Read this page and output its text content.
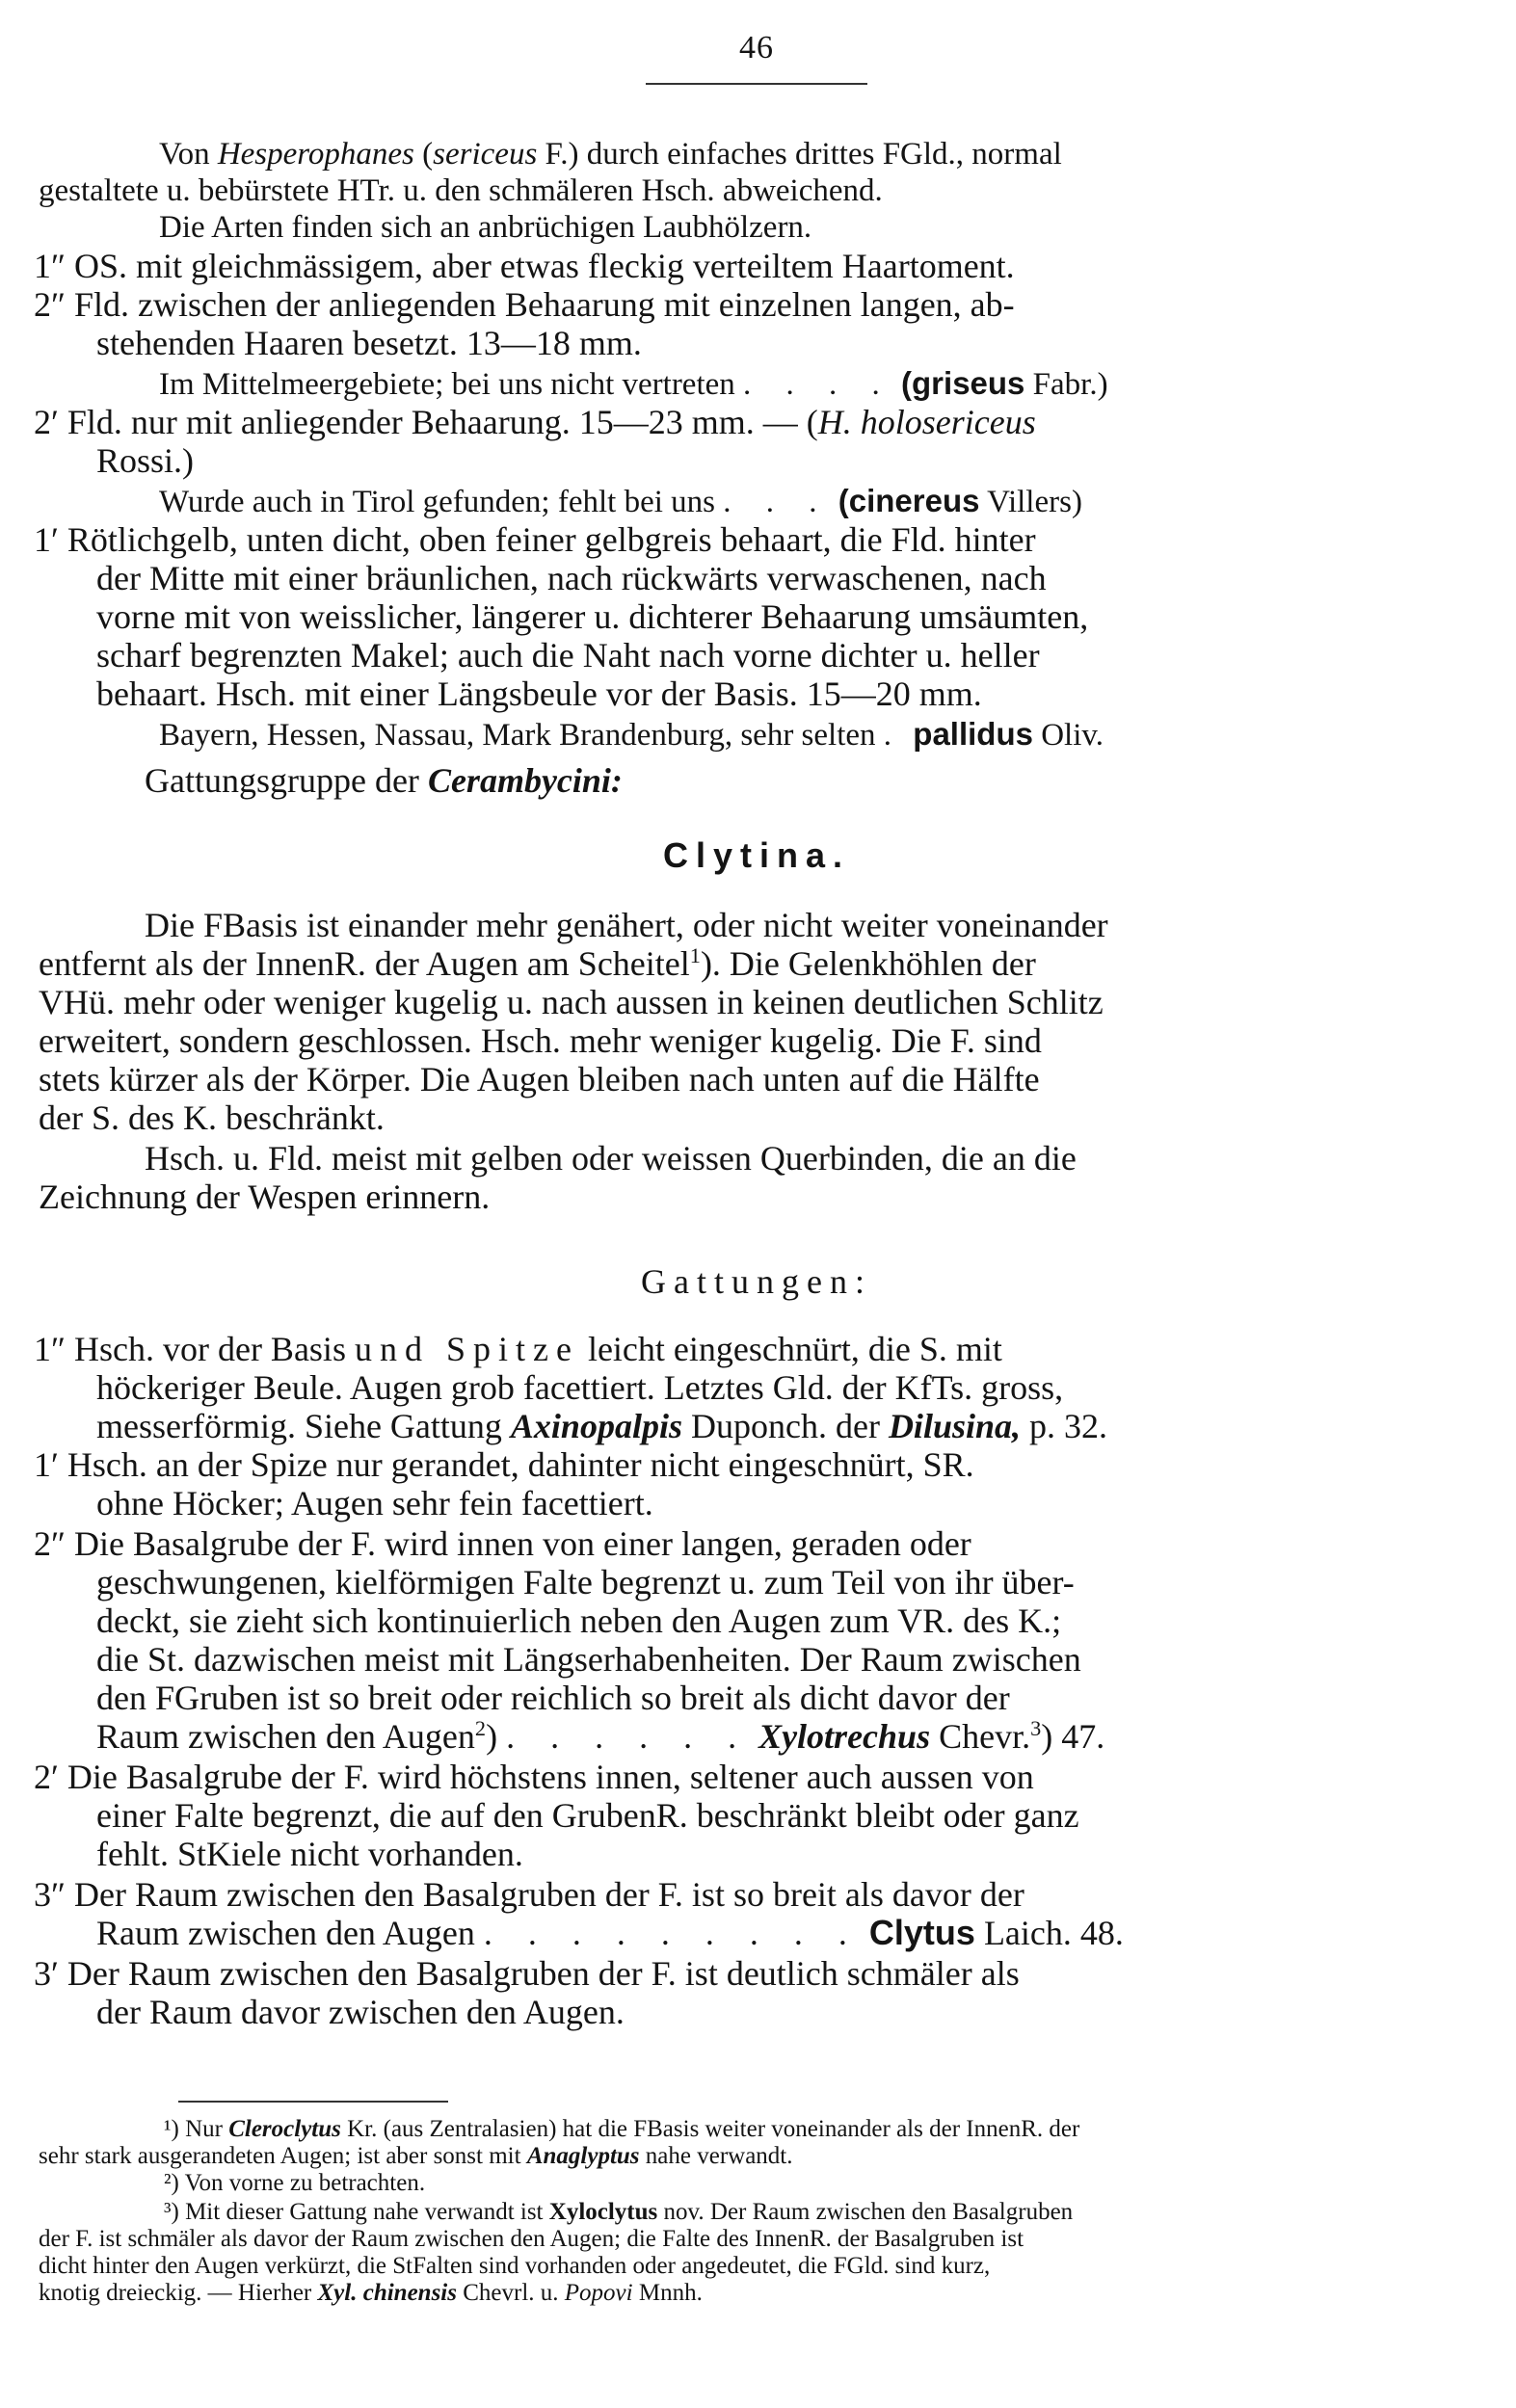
46
Von Hesperophanes (sericeus F.) durch einfaches drittes FGld., normal
gestaltete u. bebürstete HTr. u. den schmäleren Hsch. abweichend.
Die Arten finden sich an anbrüchigen Laubhölzern.
1″ OS. mit gleichmässigem, aber etwas fleckig verteiltem Haartoment.
2″ Fld. zwischen der anliegenden Behaarung mit einzelnen langen, ab-
stehenden Haaren besetzt. 13—18 mm.
Im Mittelmeergebiete; bei uns nicht vertreten . . . . (griseus Fabr.)
2′ Fld. nur mit anliegender Behaarung. 15—23 mm. — (H. holosericeus
Rossi.)
Wurde auch in Tirol gefunden; fehlt bei uns . . . (cinereus Villers)
1′ Rötlichgelb, unten dicht, oben feiner gelbgreis behaart, die Fld. hinter
der Mitte mit einer bräunlichen, nach rückwärts verwaschenen, nach
vorne mit von weisslicher, längerer u. dichterer Behaarung umsäumten,
scharf begrenzten Makel; auch die Naht nach vorne dichter u. heller
behaart. Hsch. mit einer Längsbeule vor der Basis. 15—20 mm.
Bayern, Hessen, Nassau, Mark Brandenburg, sehr selten . pallidus Oliv.
Gattungsgruppe der Cerambycini:
Clytina.
Die FBasis ist einander mehr genähert, oder nicht weiter voneinander
entfernt als der InnenR. der Augen am Scheitel$^1$). Die Gelenkhöhlen der
VHü. mehr oder weniger kugelig u. nach aussen in keinen deutlichen Schlitz
erweitert, sondern geschlossen. Hsch. mehr weniger kugelig. Die F. sind
stets kürzer als der Körper. Die Augen bleiben nach unten auf die Hälfte
der S. des K. beschränkt.
Hsch. u. Fld. meist mit gelben oder weissen Querbinden, die an die
Zeichnung der Wespen erinnern.
Gattungen:
1″ Hsch. vor der Basis und Spitze leicht eingeschnürt, die S. mit
höckeriger Beule. Augen grob facettiert. Letztes Gld. der KfTs. gross,
messerförmig. Siehe Gattung Axinopalpis Duponch. der Dilusina, p. 32.
1′ Hsch. an der Spize nur gerandet, dahinter nicht eingeschnürt, SR.
ohne Höcker; Augen sehr fein facettiert.
2″ Die Basalgrube der F. wird innen von einer langen, geraden oder
geschwungenen, kielförmigen Falte begrenzt u. zum Teil von ihr über-
deckt, sie zieht sich kontinuierlich neben den Augen zum VR. des K.;
die St. dazwischen meist mit Längserhabenheiten. Der Raum zwischen
den FGruben ist so breit oder reichlich so breit als dicht davor der
Raum zwischen den Augen$^2$) . . . . . . Xylotrechus Chevr.$^3$) 47.
2′ Die Basalgrube der F. wird höchstens innen, seltener auch aussen von
einer Falte begrenzt, die auf den GrubenR. beschränkt bleibt oder ganz
fehlt. StKiele nicht vorhanden.
3″ Der Raum zwischen den Basalgruben der F. ist so breit als davor der
Raum zwischen den Augen . . . . . . . . . Clytus Laich. 48.
3′ Der Raum zwischen den Basalgruben der F. ist deutlich schmäler als
der Raum davor zwischen den Augen.
¹) Nur Cleroclytus Kr. (aus Zentralasien) hat die FBasis weiter voneinander als der InnenR. der
sehr stark ausgerandeten Augen; ist aber sonst mit Anaglyptus nahe verwandt.
²) Von vorne zu betrachten.
³) Mit dieser Gattung nahe verwandt ist Xyloclytus nov. Der Raum zwischen den Basalgruben
der F. ist schmäler als davor der Raum zwischen den Augen; die Falte des InnenR. der Basalgruben ist
dicht hinter den Augen verkürzt, die StFalten sind vorhanden oder angedeutet, die FGld. sind kurz,
knotig dreieckig. — Hierher Xyl. chinensis Chevrl. u. Popovi Mnnh.
